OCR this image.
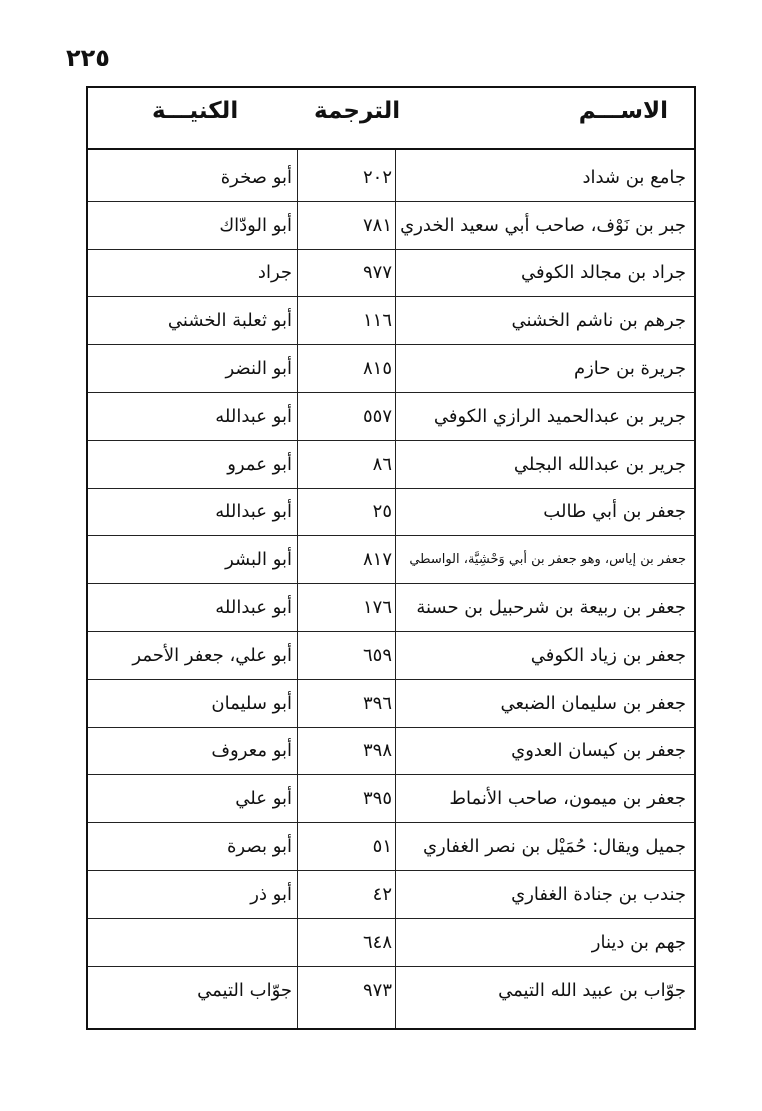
٢٢٥
الاســـم
الترجمة
الكنيـــة
جامع بن شداد
٢٠٢
أبو صخرة
جبر بن نَوْف، صاحب أبي سعيد الخدري
٧٨١
أبو الودّاك
جراد بن مجالد الكوفي
٩٧٧
جراد
جرهم بن ناشم الخشني
١١٦
أبو ثعلبة الخشني
جريرة بن حازم
٨١٥
أبو النضر
جرير بن عبدالحميد الرازي الكوفي
٥٥٧
أبو عبدالله
جرير بن عبدالله البجلي
٨٦
أبو عمرو
جعفر بن أبي طالب
٢٥
أبو عبدالله
جعفر بن إياس، وهو جعفر بن أبي وَحْشِيَّة، الواسطي
٨١٧
أبو البشر
جعفر بن ربيعة بن شرحبيل بن حسنة
١٧٦
أبو عبدالله
جعفر بن زياد الكوفي
٦٥٩
أبو علي، جعفر الأحمر
جعفر بن سليمان الضبعي
٣٩٦
أبو سليمان
جعفر بن كيسان العدوي
٣٩٨
أبو معروف
جعفر بن ميمون، صاحب الأنماط
٣٩٥
أبو علي
جميل ويقال: حُمَيْل بن نصر الغفاري
٥١
أبو بصرة
جندب بن جنادة الغفاري
٤٢
أبو ذر
جهم بن دينار
٦٤٨
جوّاب بن عبيد الله التيمي
٩٧٣
جوّاب التيمي
